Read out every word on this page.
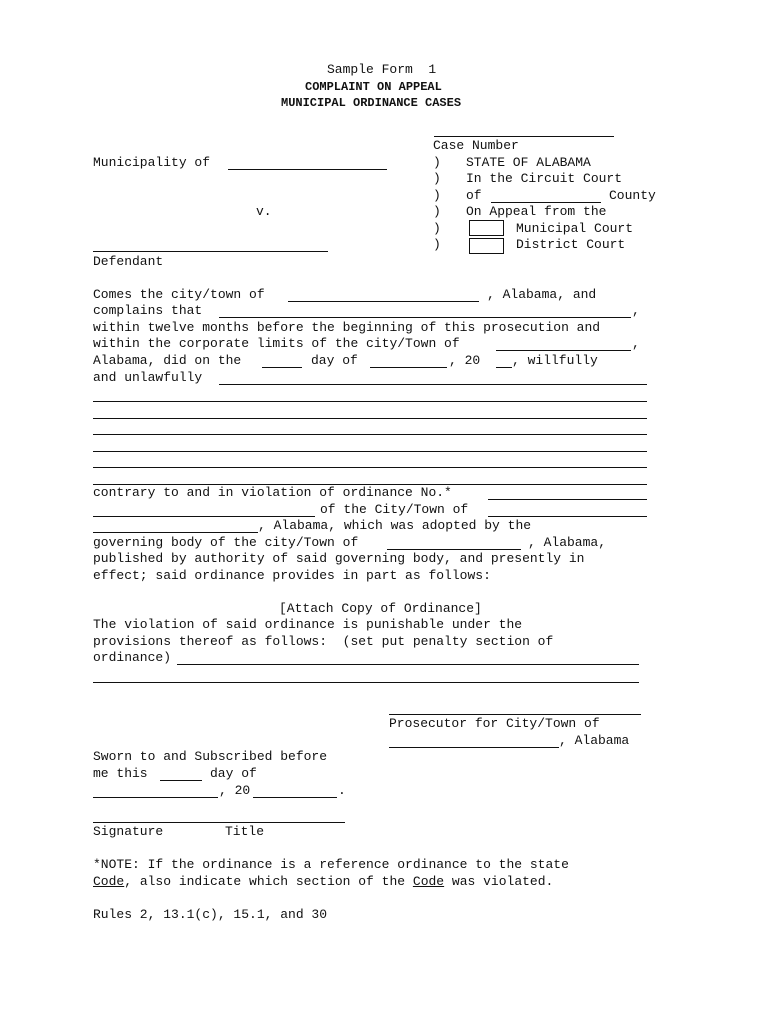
Sample Form  1
COMPLAINT ON APPEAL
MUNICIPAL ORDINANCE CASES
Case Number
Municipality of	) STATE OF ALABAMA
) In the Circuit Court
) of	County
v.	) On Appeal from the
)	Municipal Court
)	District Court
Defendant
Comes the city/town of	, Alabama, and
complains that	,
within twelve months before the beginning of this prosecution and
within the corporate limits of the city/Town of	,
Alabama, did on the	day of	, 20 , willfully
and unlawfully
contrary to and in violation of ordinance No.*
of the City/Town of
, Alabama, which was adopted by the
governing body of the city/Town of	, Alabama,
published by authority of said governing body, and presently in
effect; said ordinance provides in part as follows:
[Attach Copy of Ordinance]
The violation of said ordinance is punishable under the
provisions thereof as follows:  (set put penalty section of
ordinance)
Prosecutor for City/Town of
, Alabama
Sworn to and Subscribed before
me this	day of
, 20	.
Signature	Title
*NOTE: If the ordinance is a reference ordinance to the state
Code, also indicate which section of the Code was violated.
Rules 2, 13.1(c), 15.1, and 30
